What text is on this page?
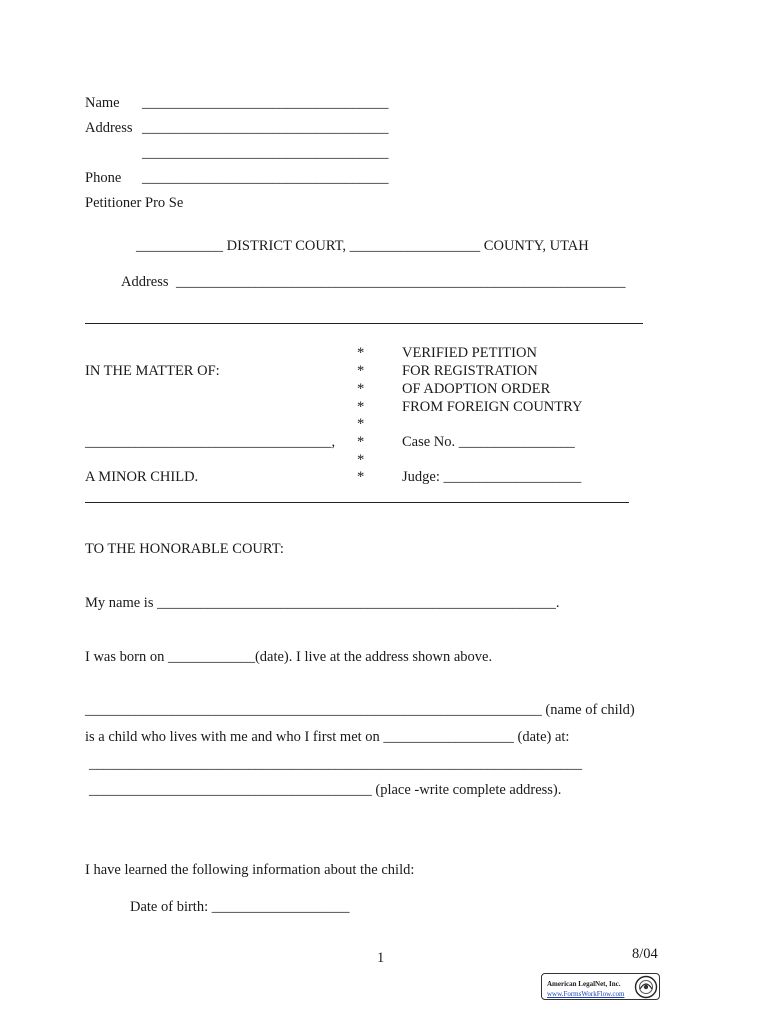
Name __________________________________
Address __________________________________
__________________________________
Phone __________________________________
Petitioner Pro Se
____________ DISTRICT COURT, __________________ COUNTY, UTAH
Address ______________________________________________________________
IN THE MATTER OF:
__________________________________,
A MINOR CHILD.
*
*
*
*
*
*
*
*
VERIFIED PETITION
FOR REGISTRATION
OF ADOPTION ORDER
FROM FOREIGN COUNTRY
Case No. ________________
Judge: ___________________
TO THE HONORABLE COURT:
My name is _______________________________________________________.
I was born on ____________(date). I live at the address shown above.
_______________________________________________________________ (name of child)
is a child who lives with me and who I first met on __________________ (date) at:
____________________________________________________________________
_______________________________________ (place -write complete address).
I have learned the following information about the child:
Date of birth: ___________________
1	8/04
American LegalNet, Inc.
www.FormsWorkFlow.com
